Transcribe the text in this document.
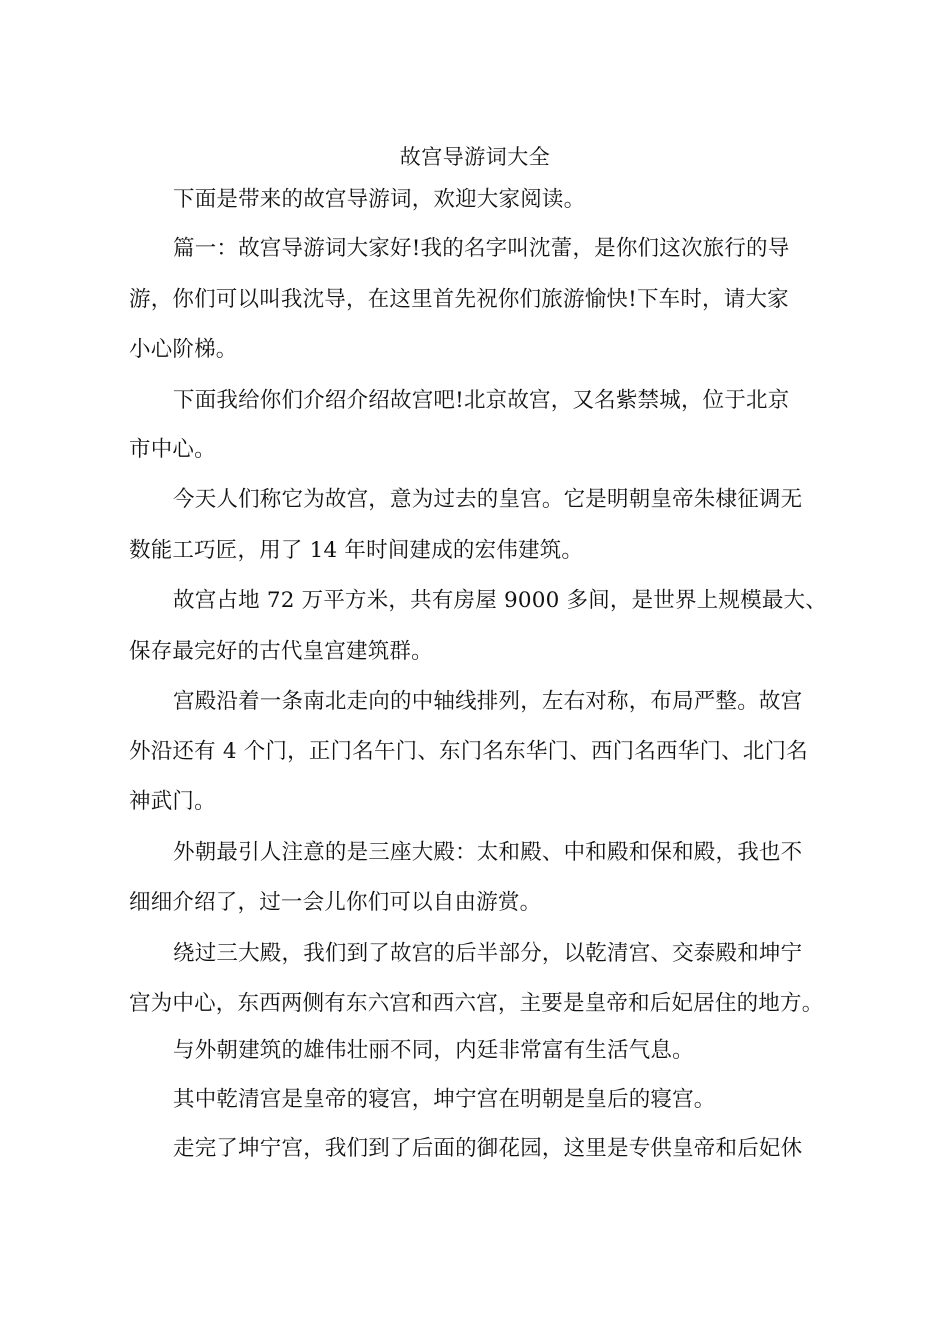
故宫导游词大全
下面是带来的故宫导游词，欢迎大家阅读。
篇一：故宫导游词大家好!我的名字叫沈蕾，是你们这次旅行的导
游，你们可以叫我沈导，在这里首先祝你们旅游愉快!下车时，请大家
小心阶梯。
下面我给你们介绍介绍故宫吧!北京故宫，又名紫禁城，位于北京
市中心。
今天人们称它为故宫，意为过去的皇宫。它是明朝皇帝朱棣征调无
数能工巧匠，用了 14 年时间建成的宏伟建筑。
故宫占地 72 万平方米，共有房屋 9000 多间，是世界上规模最大、
保存最完好的古代皇宫建筑群。
宫殿沿着一条南北走向的中轴线排列，左右对称，布局严整。故宫
外沿还有 4 个门，正门名午门、东门名东华门、西门名西华门、北门名
神武门。
外朝最引人注意的是三座大殿：太和殿、中和殿和保和殿，我也不
细细介绍了，过一会儿你们可以自由游赏。
绕过三大殿，我们到了故宫的后半部分，以乾清宫、交泰殿和坤宁
宫为中心，东西两侧有东六宫和西六宫，主要是皇帝和后妃居住的地方。
与外朝建筑的雄伟壮丽不同，内廷非常富有生活气息。
其中乾清宫是皇帝的寝宫，坤宁宫在明朝是皇后的寝宫。
走完了坤宁宫，我们到了后面的御花园，这里是专供皇帝和后妃休
